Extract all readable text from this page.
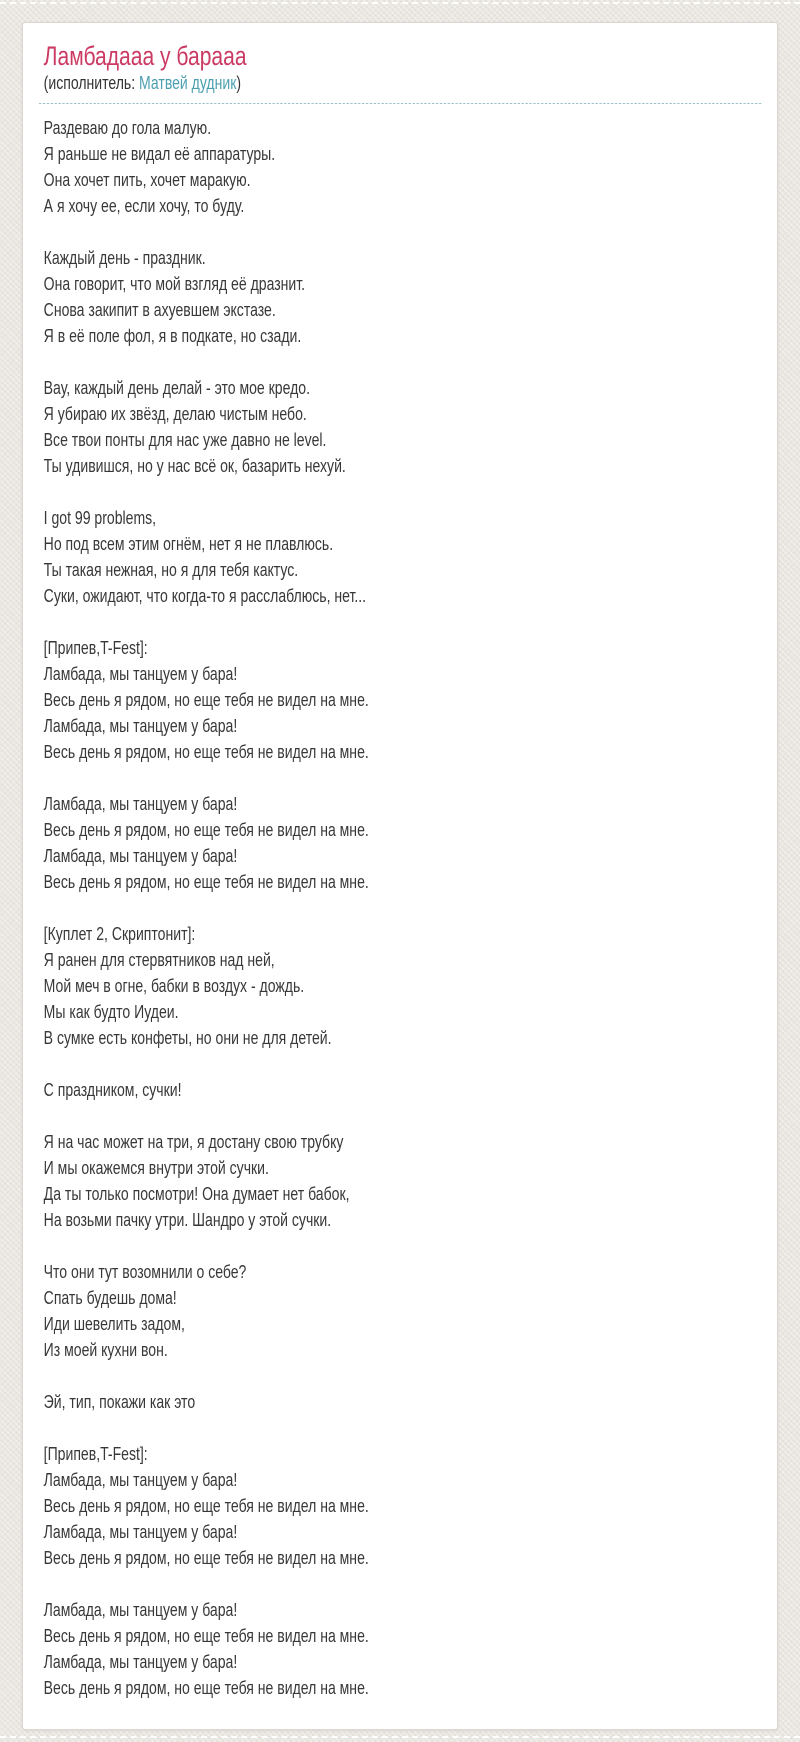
Ламбадааа у барааа
(исполнитель: Матвей дудник)

Раздеваю до гола малую.
Я раньше не видал её аппаратуры.
Она хочет пить, хочет маракую.
А я хочу ее, если хочу, то буду.

Каждый день - праздник.
Она говорит, что мой взгляд её дразнит.
Снова закипит в ахуевшем экстазе.
Я в её поле фол, я в подкате, но сзади.

Вау, каждый день делай - это мое кредо.
Я убираю их звёзд, делаю чистым небо.
Все твои понты для нас уже давно не level.
Ты удивишся, но у нас всё ок, базарить нехуй.

I got 99 problems,
Но под всем этим огнём, нет я не плавлюсь.
Ты такая нежная, но я для тебя кактус.
Суки, ожидают, что когда-то я расслаблюсь, нет...

[Припев,T-Fest]:
Ламбада, мы танцуем у бара!
Весь день я рядом, но еще тебя не видел на мне.
Ламбада, мы танцуем у бара!
Весь день я рядом, но еще тебя не видел на мне.

Ламбада, мы танцуем у бара!
Весь день я рядом, но еще тебя не видел на мне.
Ламбада, мы танцуем у бара!
Весь день я рядом, но еще тебя не видел на мне.

[Куплет 2, Скриптонит]:
Я ранен для стервятников над ней,
Мой меч в огне, бабки в воздух - дождь.
Мы как будто Иудеи.
В сумке есть конфеты, но они не для детей.

С праздником, сучки!

Я на час может на три, я достану свою трубку
И мы окажемся внутри этой сучки.
Да ты только посмотри! Она думает нет бабок,
На возьми пачку утри. Шандро у этой сучки.

Что они тут возомнили о себе?
Спать будешь дома!
Иди шевелить задом,
Из моей кухни вон.

Эй, тип, покажи как это

[Припев,T-Fest]:
Ламбада, мы танцуем у бара!
Весь день я рядом, но еще тебя не видел на мне.
Ламбада, мы танцуем у бара!
Весь день я рядом, но еще тебя не видел на мне.

Ламбада, мы танцуем у бара!
Весь день я рядом, но еще тебя не видел на мне.
Ламбада, мы танцуем у бара!
Весь день я рядом, но еще тебя не видел на мне.
